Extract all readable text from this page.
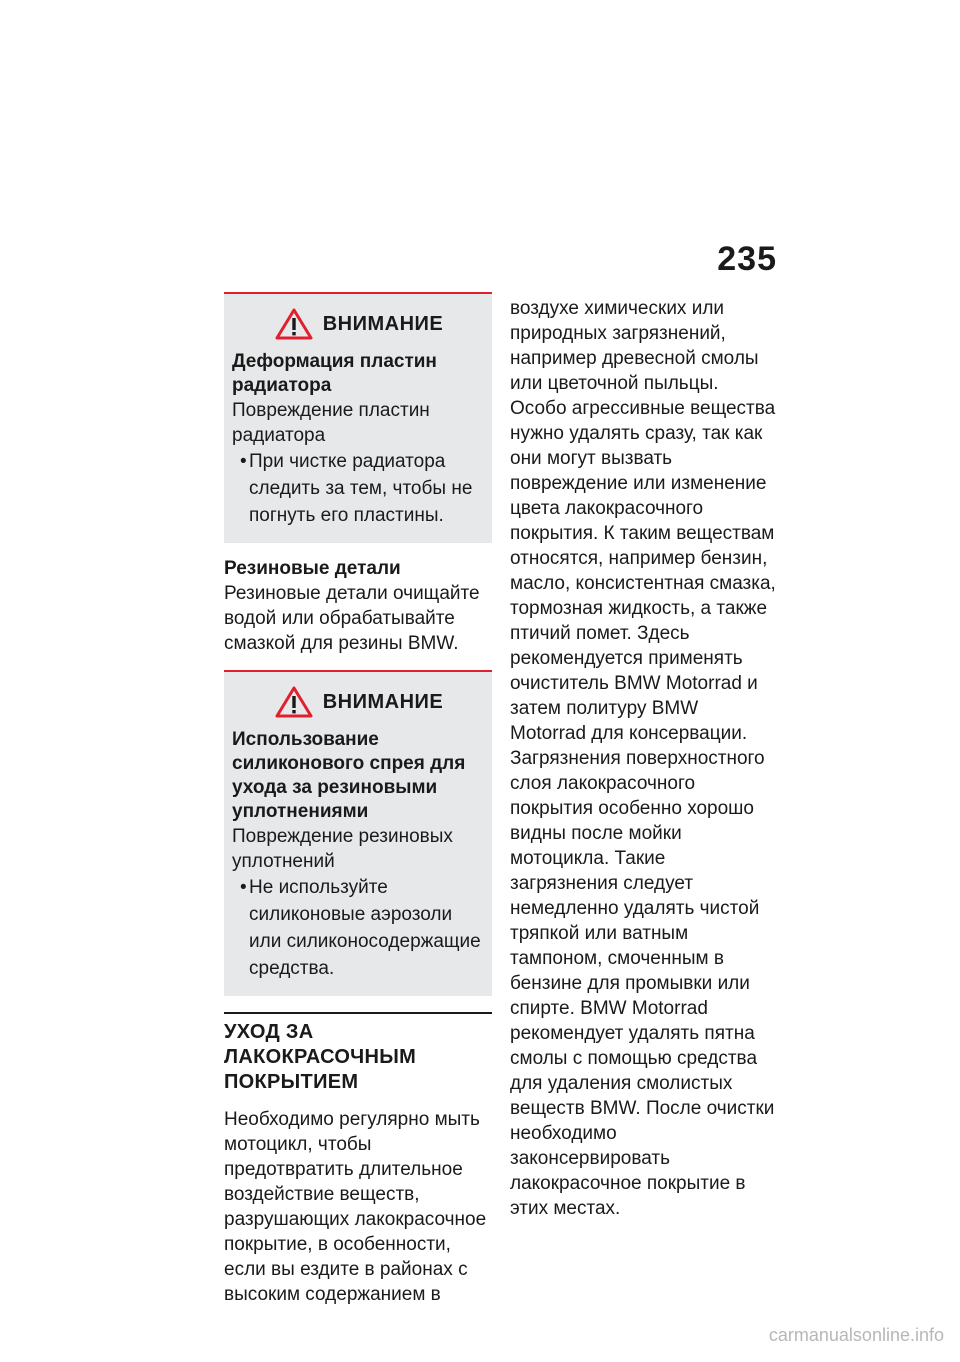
235
ВНИМАНИЕ
Деформация пластин радиатора
Повреждение пластин радиатора
• При чистке радиатора следить за тем, чтобы не погнуть его пластины.
Резиновые детали
Резиновые детали очищайте водой или обрабатывайте смазкой для резины BMW.
ВНИМАНИЕ
Использование силиконового спрея для ухода за резиновыми уплотнениями
Повреждение резиновых уплотнений
• Не используйте силиконовые аэрозоли или силиконосодержащие средства.
УХОД ЗА ЛАКОКРАСОЧНЫМ ПОКРЫТИЕМ
Необходимо регулярно мыть мотоцикл, чтобы предотвратить длительное воздействие веществ, разрушающих лакокрасочное покрытие, в особенности, если вы ездите в районах с высоким содержанием в
воздухе химических или природных загрязнений, например древесной смолы или цветочной пыльцы.
Особо агрессивные вещества нужно удалять сразу, так как они могут вызвать повреждение или изменение цвета лакокрасочного покрытия. К таким веществам относятся, например бензин, масло, консистентная смазка, тормозная жидкость, а также птичий помет. Здесь рекомендуется применять очиститель BMW Motorrad и затем политуру BMW Motorrad для консервации.
Загрязнения поверхностного слоя лакокрасочного покрытия особенно хорошо видны после мойки мотоцикла. Такие загрязнения следует немедленно удалять чистой тряпкой или ватным тампоном, смоченным в бензине для промывки или спирте. BMW Motorrad рекомендует удалять пятна смолы с помощью средства для удаления смолистых веществ BMW. После очистки необходимо законсервировать лакокрасочное покрытие в этих местах.
carmanualsonline.info
